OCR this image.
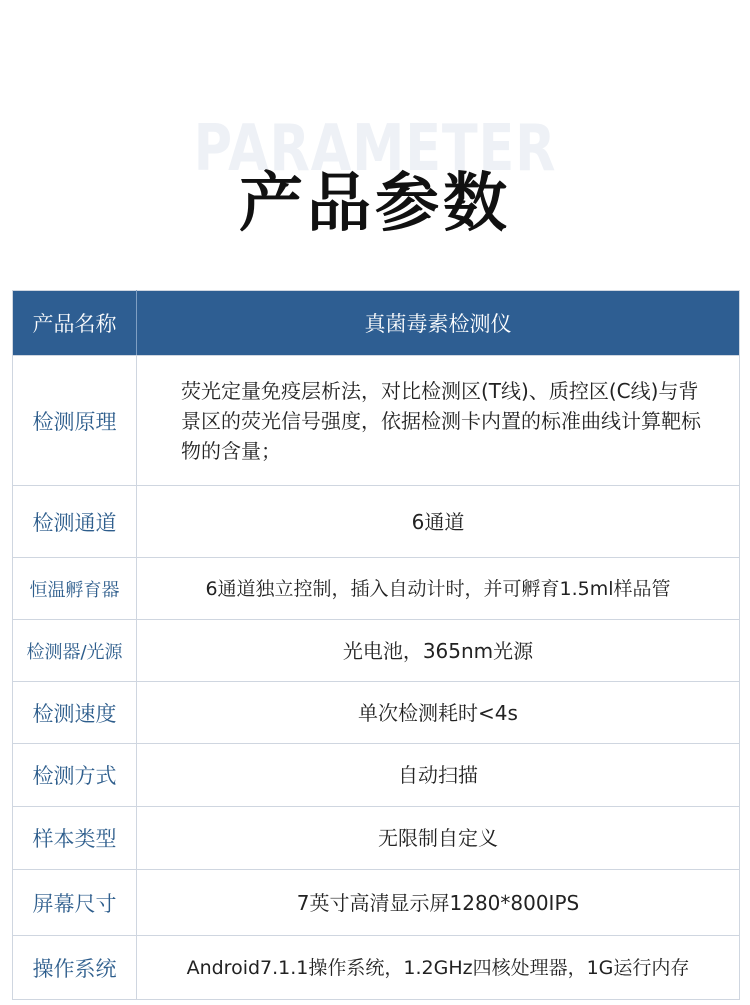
PARAMETER
产品参数
产品名称	真菌毒素检测仪
检测原理	荧光定量免疫层析法，对比检测区(T线)、质控区(C线)与背景区的荧光信号强度，依据检测卡内置的标准曲线计算靶标物的含量；
检测通道	6通道
恒温孵育器	6通道独立控制，插入自动计时，并可孵育1.5ml样品管
检测器/光源	光电池，365nm光源
检测速度	单次检测耗时<4s
检测方式	自动扫描
样本类型	无限制自定义
屏幕尺寸	7英寸高清显示屏1280*800IPS
操作系统	Android7.1.1操作系统，1.2GHz四核处理器，1G运行内存
